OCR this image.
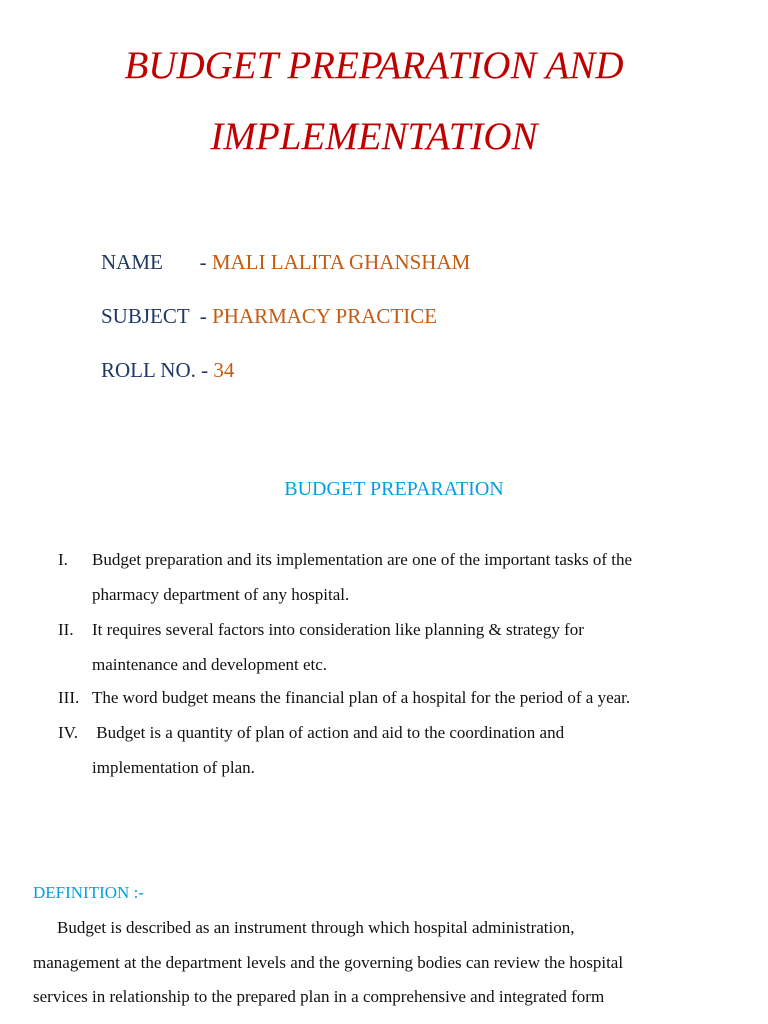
BUDGET PREPARATION AND
IMPLEMENTATION
NAME       - MALI LALITA GHANSHAM
SUBJECT  - PHARMACY PRACTICE
ROLL NO. - 34
BUDGET PREPARATION
I. Budget preparation and its implementation are one of the important tasks of the
pharmacy department of any hospital.
II. It requires several factors into consideration like planning & strategy for
maintenance and development etc.
III. The word budget means the financial plan of a hospital for the period of a year.
IV. Budget is a quantity of plan of action and aid to the coordination and
implementation of plan.
DEFINITION :-
Budget is described as an instrument through which hospital administration,
management at the department levels and the governing bodies can review the hospital
services in relationship to the prepared plan in a comprehensive and integrated form
